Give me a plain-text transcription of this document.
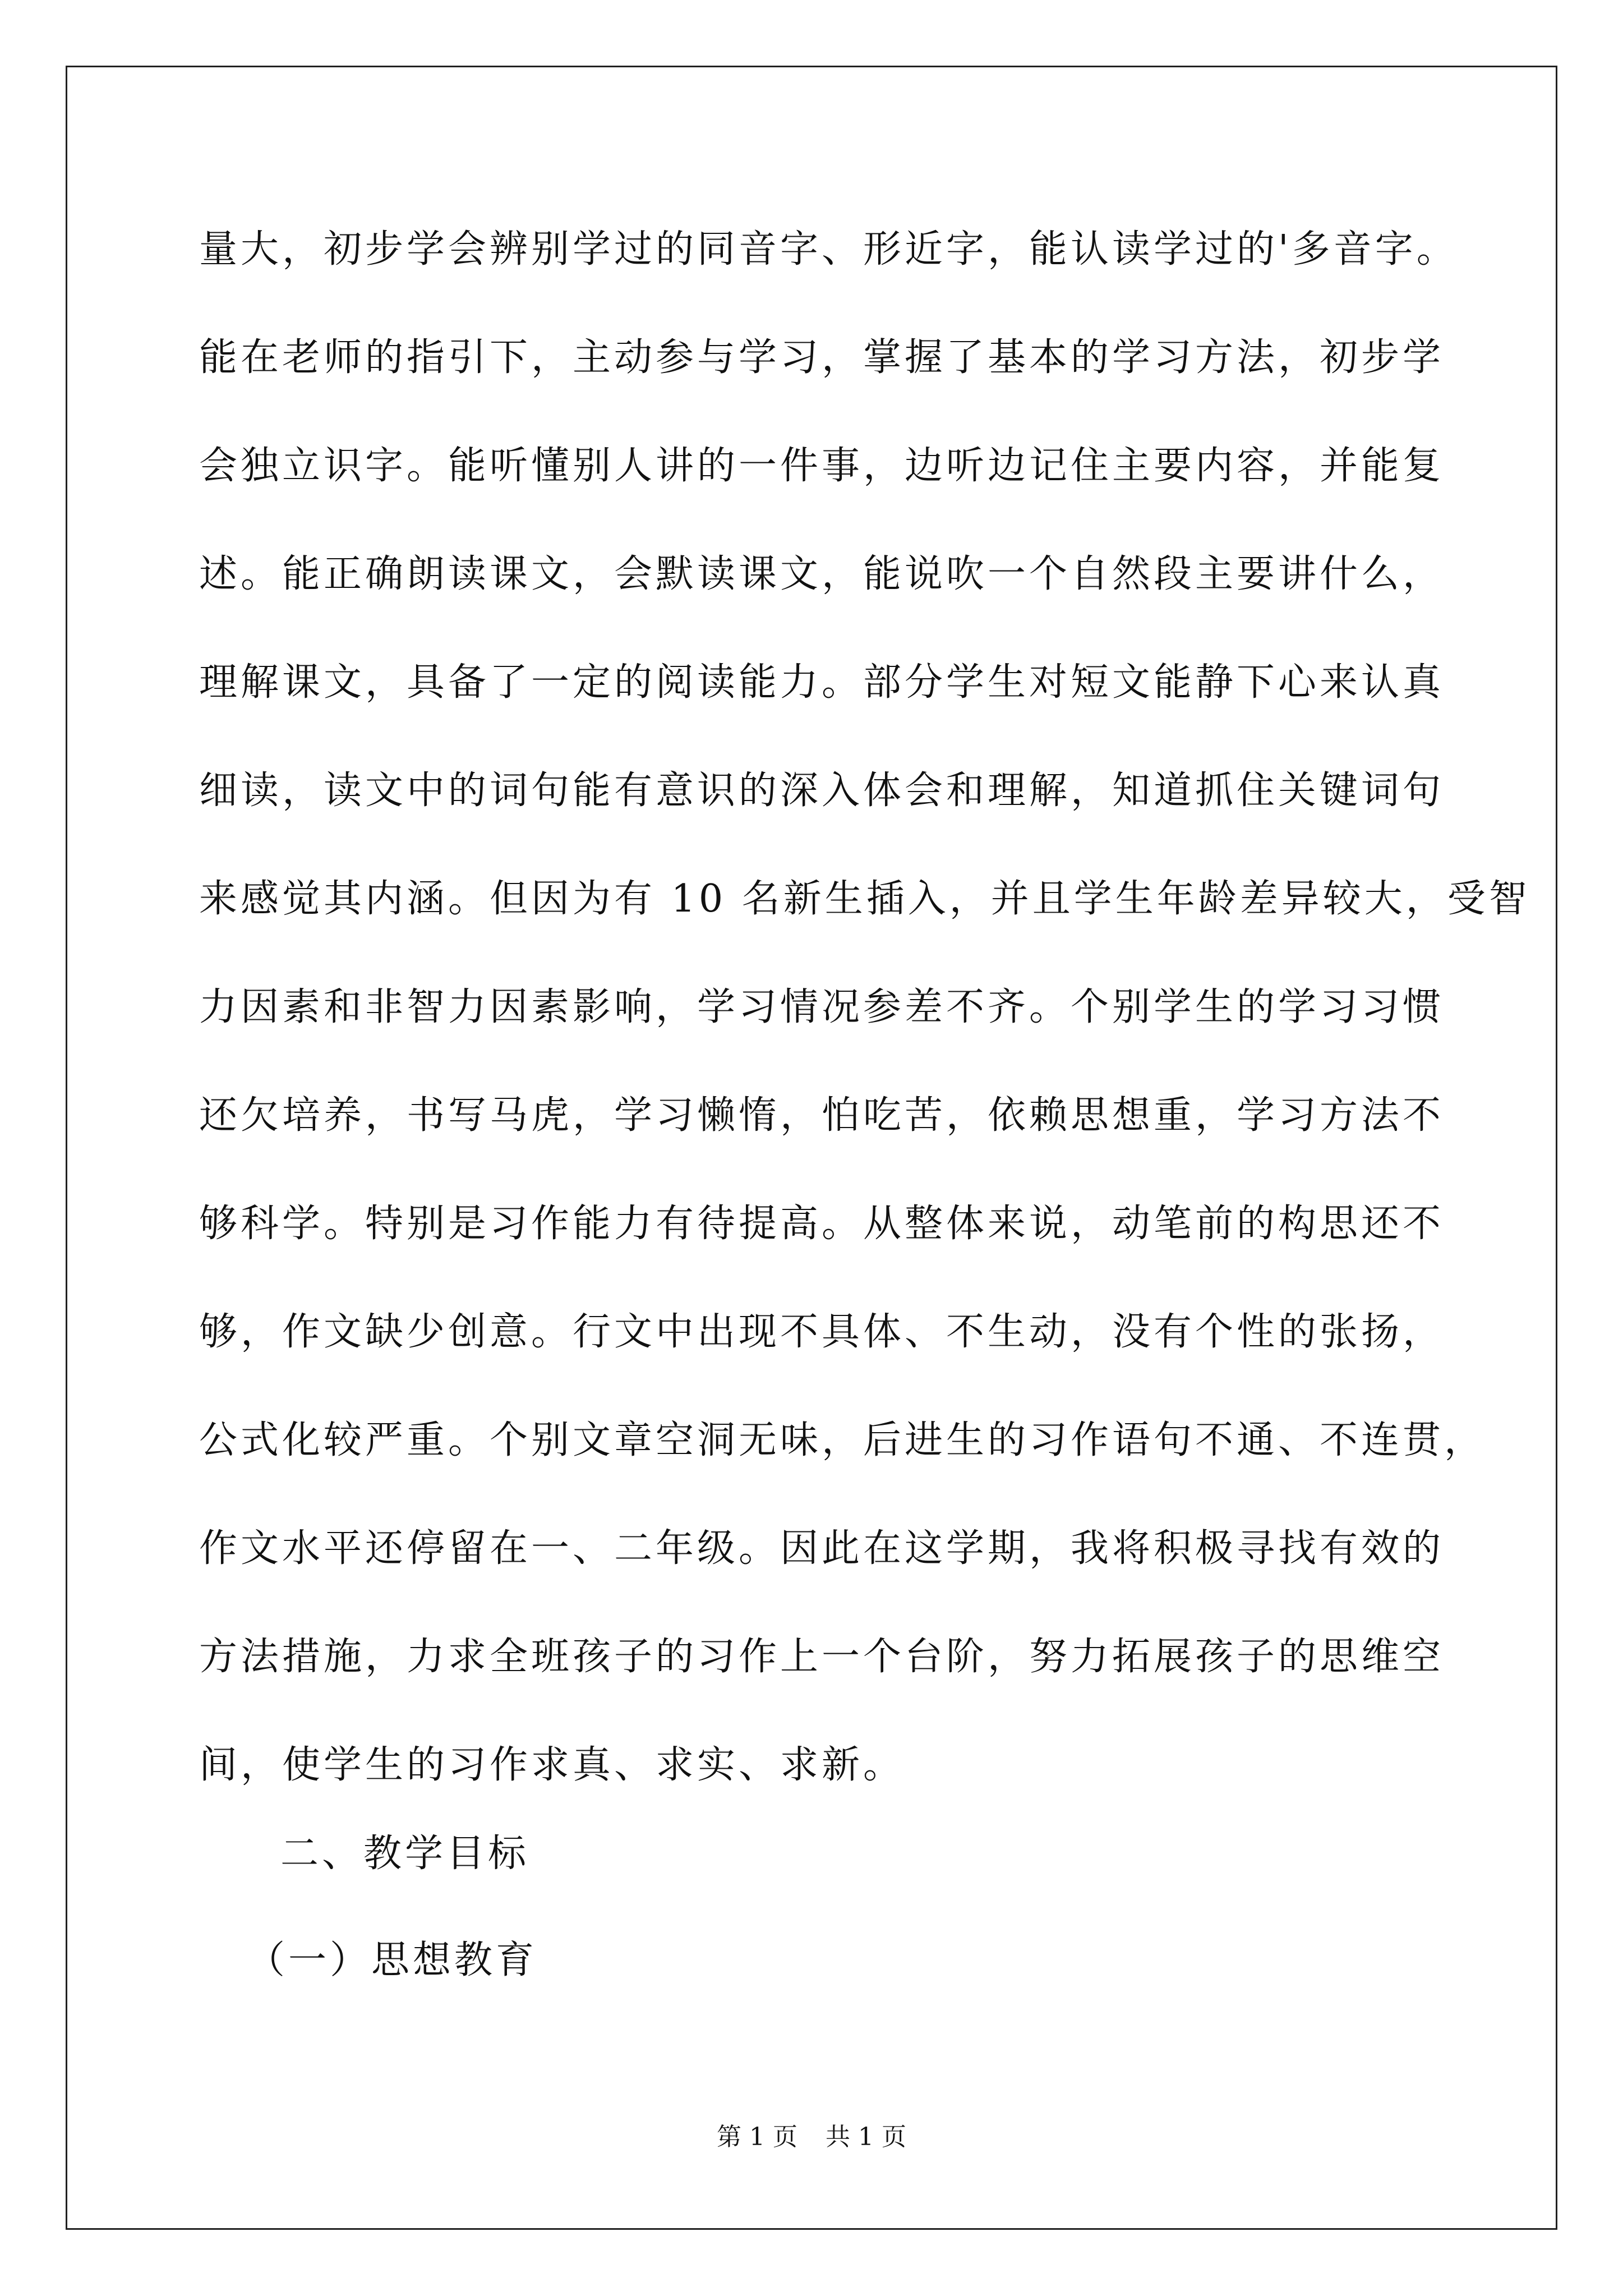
量大，初步学会辨别学过的同音字、形近字，能认读学过的'多音字。
能在老师的指引下，主动参与学习，掌握了基本的学习方法，初步学
会独立识字。能听懂别人讲的一件事，边听边记住主要内容，并能复
述。能正确朗读课文，会默读课文，能说吹一个自然段主要讲什么，
理解课文，具备了一定的阅读能力。部分学生对短文能静下心来认真
细读，读文中的词句能有意识的深入体会和理解，知道抓住关键词句
来感觉其内涵。但因为有 10 名新生插入，并且学生年龄差异较大，受智
力因素和非智力因素影响，学习情况参差不齐。个别学生的学习习惯
还欠培养，书写马虎，学习懒惰，怕吃苦，依赖思想重，学习方法不
够科学。特别是习作能力有待提高。从整体来说，动笔前的构思还不
够，作文缺少创意。行文中出现不具体、不生动，没有个性的张扬，
公式化较严重。个别文章空洞无味，后进生的习作语句不通、不连贯，
作文水平还停留在一、二年级。因此在这学期，我将积极寻找有效的
方法措施，力求全班孩子的习作上一个台阶，努力拓展孩子的思维空
间，使学生的习作求真、求实、求新。
二、教学目标
（一）思想教育
第 1 页 共 1 页
